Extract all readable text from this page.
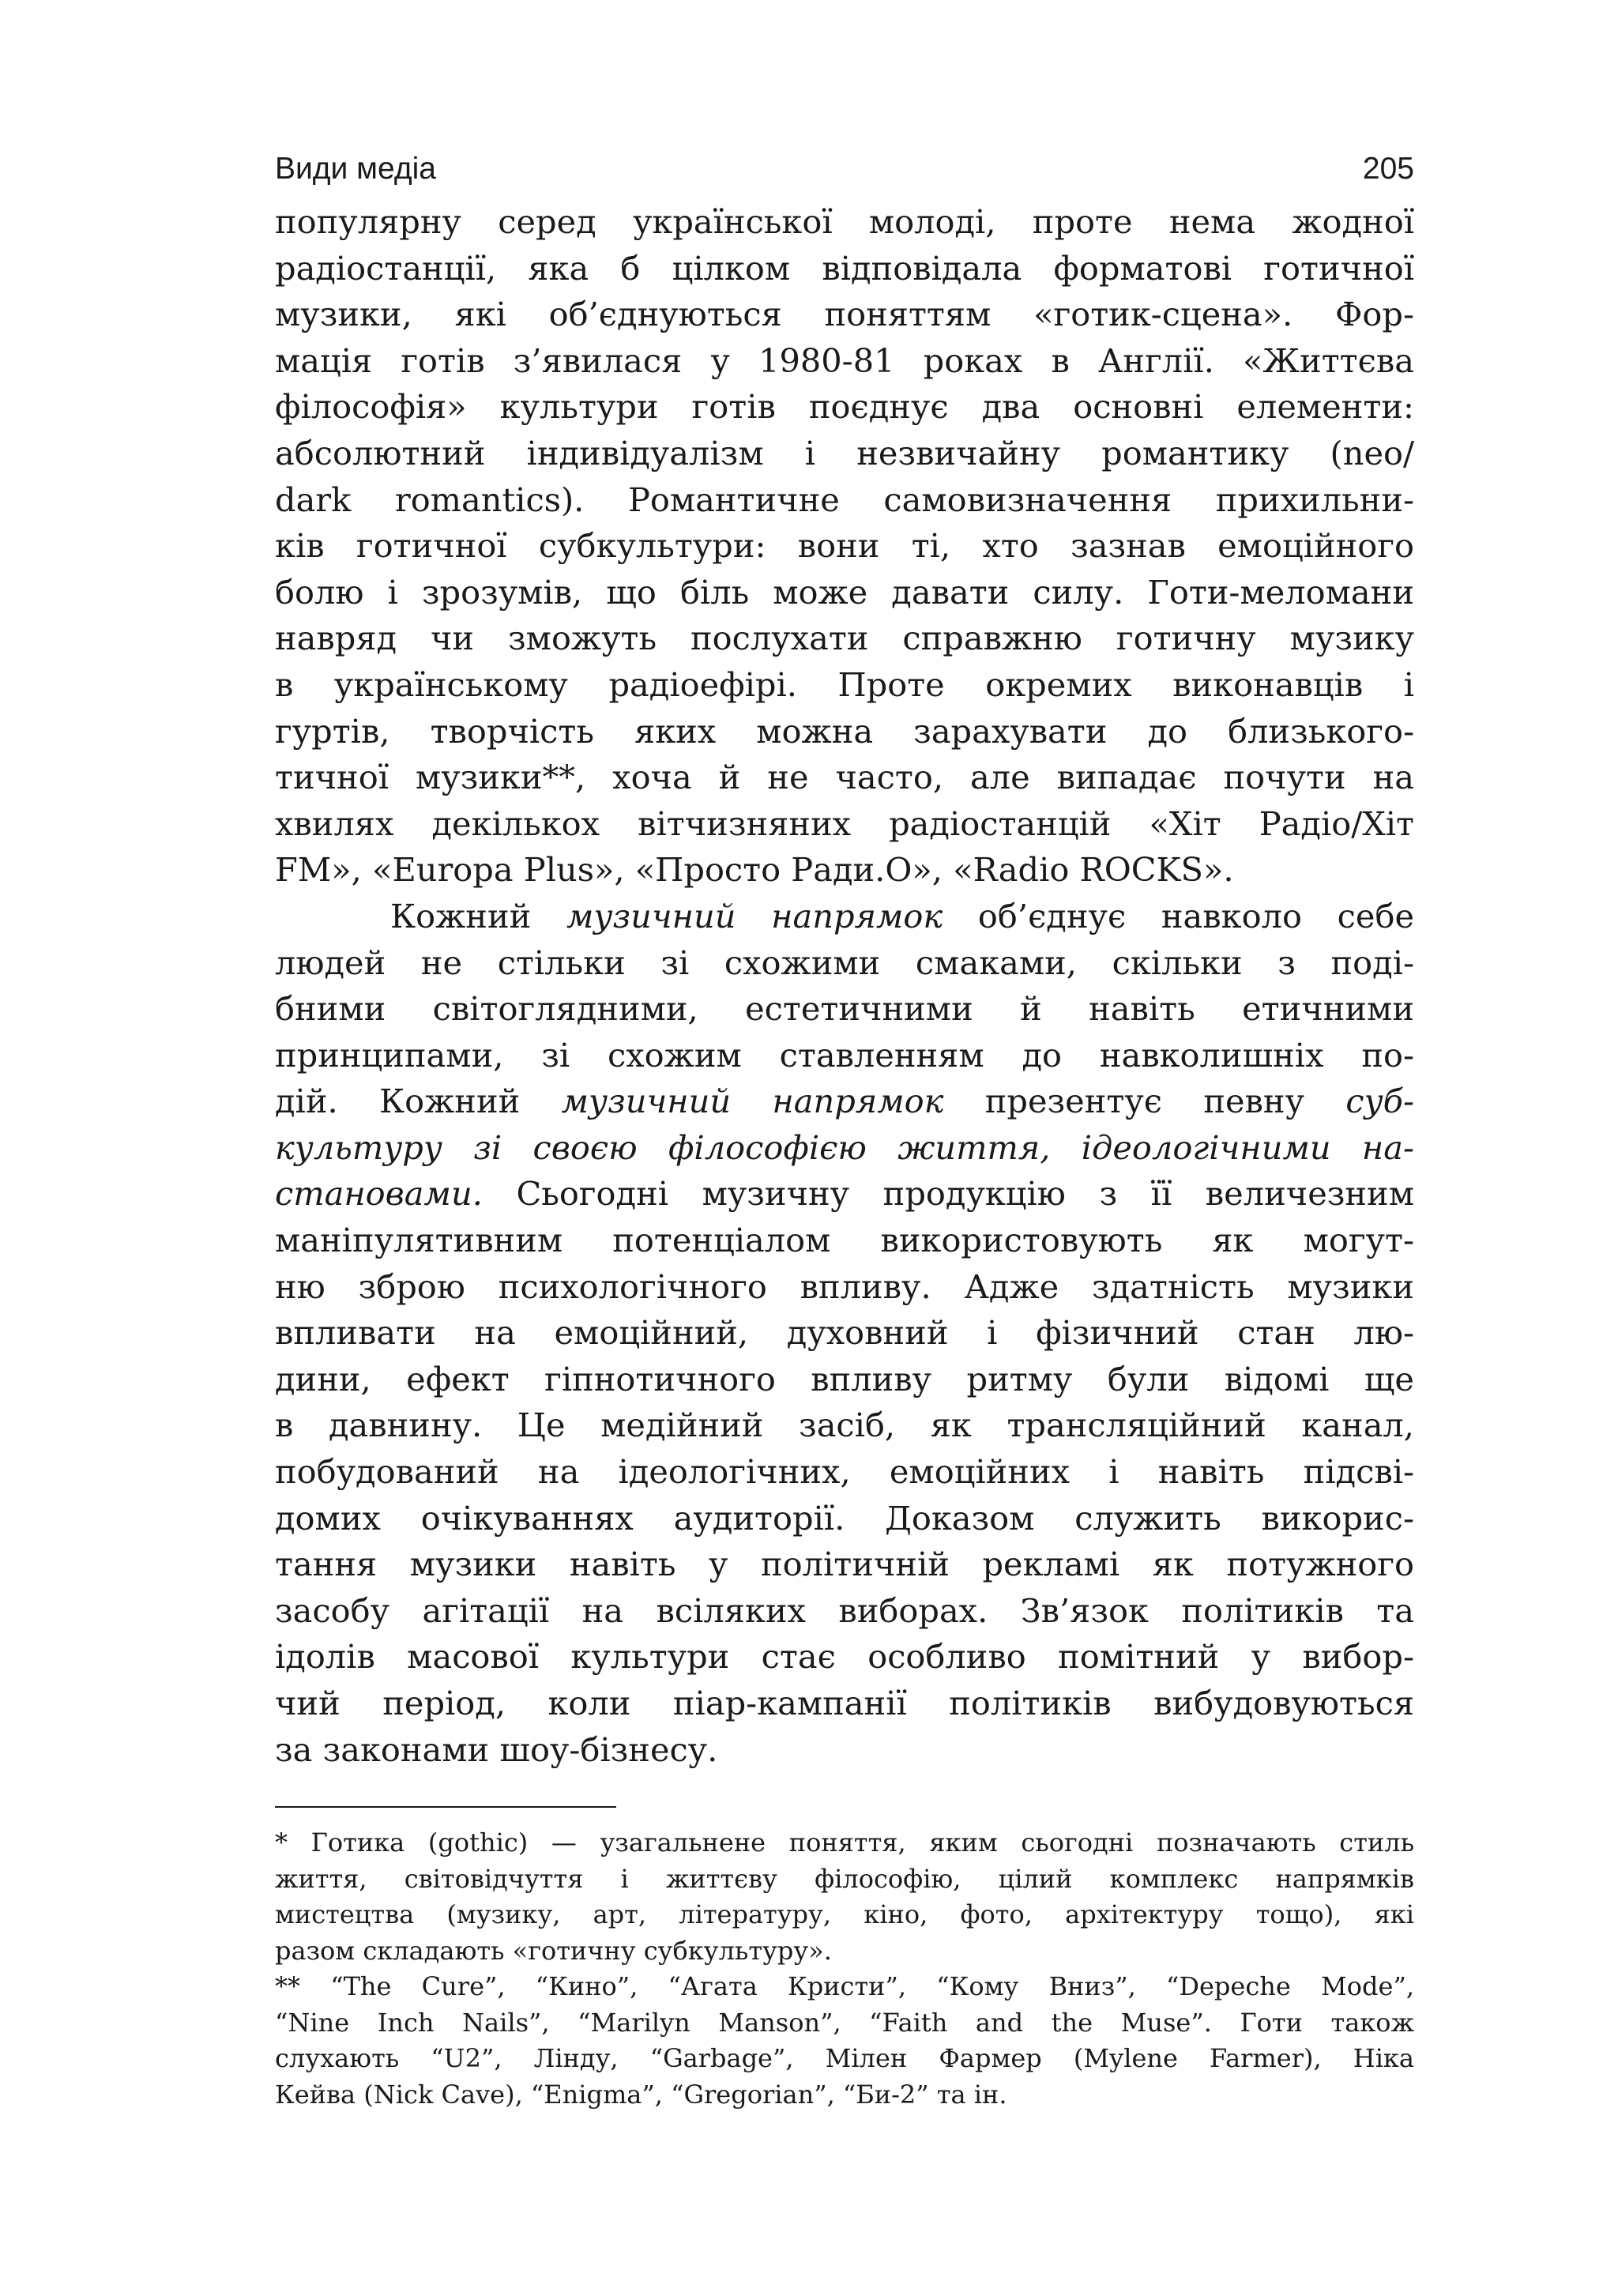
Види медіа	205

популярну серед української молоді, проте нема жодної

радіостанції, яка б цілком відповідала форматові готичної

музики, які об’єднуються поняттям «готик-сцена». Фор-

мація готів з’явилася у 1980-81 роках в Англії. «Життєва

філософія» культури готів поєднує два основні елементи:

абсолютний індивідуалізм і незвичайну романтику (neo/

dark romantics). Романтичне самовизначення прихильни-

ків готичної субкультури: вони ті, хто зазнав емоційного

болю і зрозумів, що біль може давати силу. Готи-меломани

навряд чи зможуть послухати справжню готичну музику

в українському радіоефірі. Проте окремих виконавців і

гуртів, творчість яких можна зарахувати до близького-

тичної музики**, хоча й не часто, але випадає почути на

хвилях декількох вітчизняних радіостанцій «Хіт Радіо/Хіт

FM», «Europa Plus», «Просто Ради.О», «Radio ROCKS».

Кожний музичний напрямок об’єднує навколо себе

людей не стільки зі схожими смаками, скільки з поді-

бними світоглядними, естетичними й навіть етичними

принципами, зі схожим ставленням до навколишніх по-

дій. Кожний музичний напрямок презентує певну суб-

культуру зі своєю філософією життя, ідеологічними на-

становами. Сьогодні музичну продукцію з її величезним

маніпулятивним потенціалом використовують як могут-

ню зброю психологічного впливу. Адже здатність музики

впливати на емоційний, духовний і фізичний стан лю-

дини, ефект гіпнотичного впливу ритму були відомі ще

в давнину. Це медійний засіб, як трансляційний канал,

побудований на ідеологічних, емоційних і навіть підсві-

домих очікуваннях аудиторії. Доказом служить викорис-

тання музики навіть у політичній рекламі як потужного

засобу агітації на всіляких виборах. Зв’язок політиків та

ідолів масової культури стає особливо помітний у вибор-

чий період, коли піар-кампанії політиків вибудовуються

за законами шоу-бізнесу.

* Готика (gothic) — узагальнене поняття, яким сьогодні позначають стиль

життя, світовідчуття і життєву філософію, цілий комплекс напрямків

мистецтва (музику, арт, літературу, кіно, фото, архітектуру тощо), які

разом складають «готичну субкультуру».

** “The Cure”, “Кино”, “Агата Кристи”, “Кому Вниз”, “Depeche Mode”,

“Nine Inch Nails”, “Marilyn Manson”, “Faith and the Muse”. Готи також

слухають “U2”, Лінду, “Garbage”, Мілен Фармер (Mylene Farmer), Ніка

Кейва (Nick Cave), “Enigma”, “Gregorian”, “Би-2” та ін.
